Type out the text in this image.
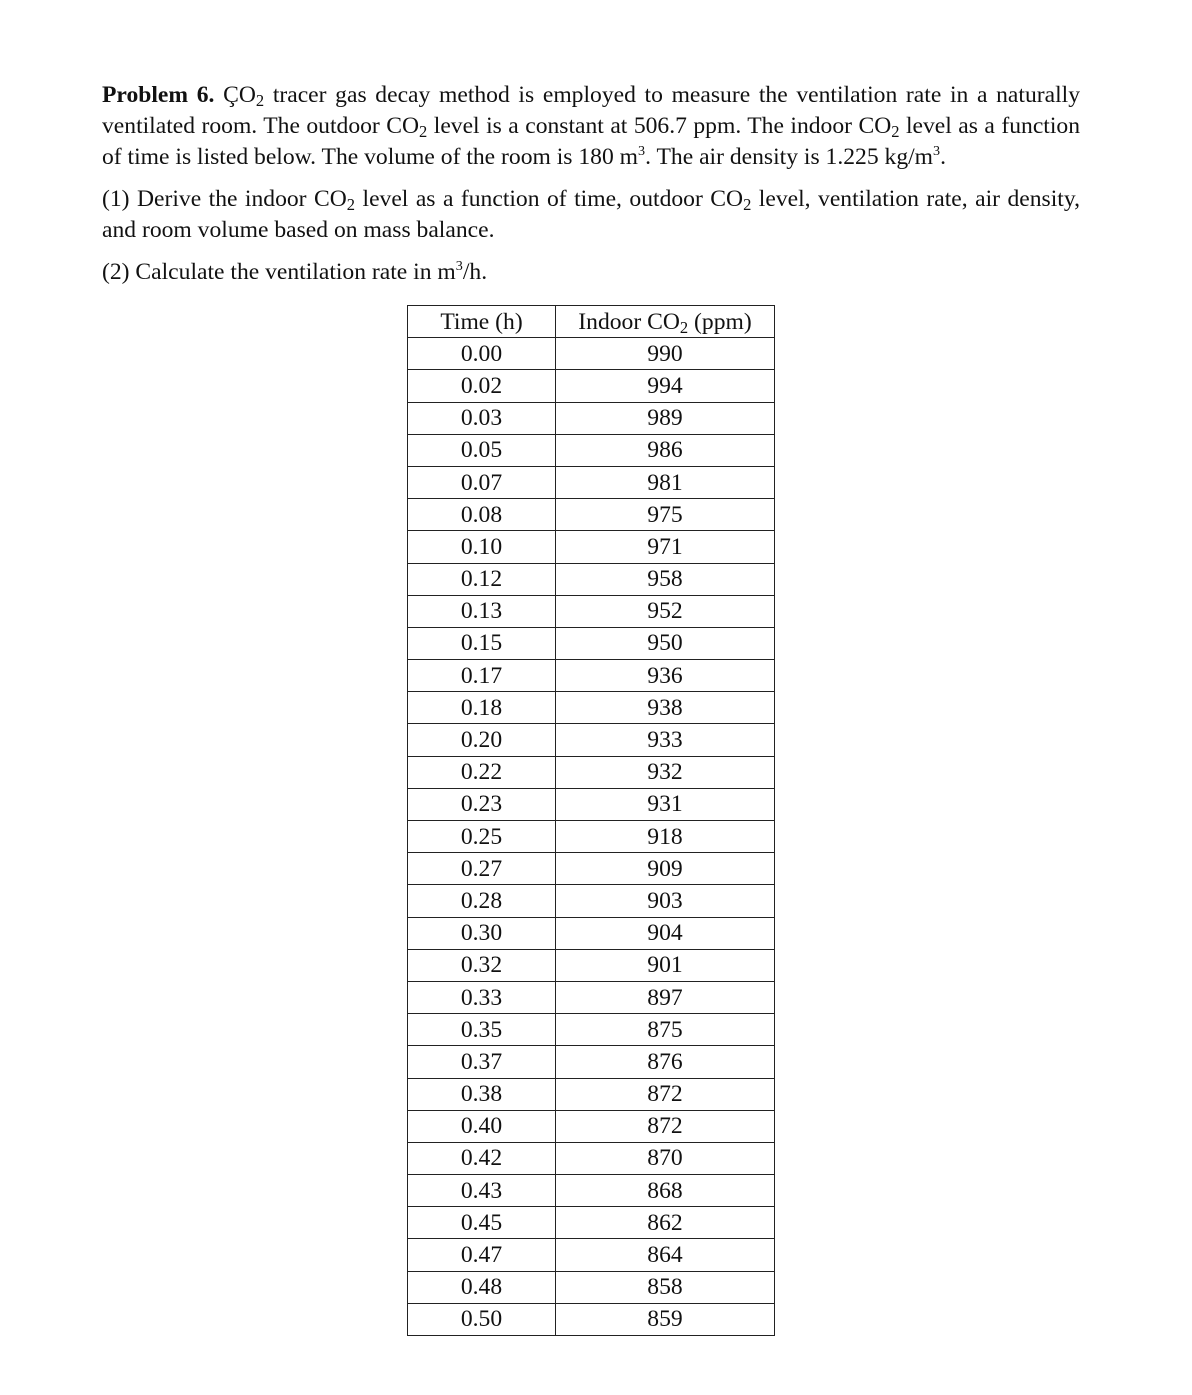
Problem 6. $ÇO_2$ tracer gas decay method is employed to measure the ventilation rate in a naturally ventilated room. The outdoor $CO_2$ level is a constant at 506.7 ppm. The indoor $CO_2$ level as a function of time is listed below. The volume of the room is 180 $m^3$. The air density is 1.225 $kg/m^3$.

(1) Derive the indoor $CO_2$ level as a function of time, outdoor $CO_2$ level, ventilation rate, air density, and room volume based on mass balance.

(2) Calculate the ventilation rate in $m^3/h$.

Time (h)	Indoor $CO_2$ (ppm)
0.00	990
0.02	994
0.03	989
0.05	986
0.07	981
0.08	975
0.10	971
0.12	958
0.13	952
0.15	950
0.17	936
0.18	938
0.20	933
0.22	932
0.23	931
0.25	918
0.27	909
0.28	903
0.30	904
0.32	901
0.33	897
0.35	875
0.37	876
0.38	872
0.40	872
0.42	870
0.43	868
0.45	862
0.47	864
0.48	858
0.50	859
